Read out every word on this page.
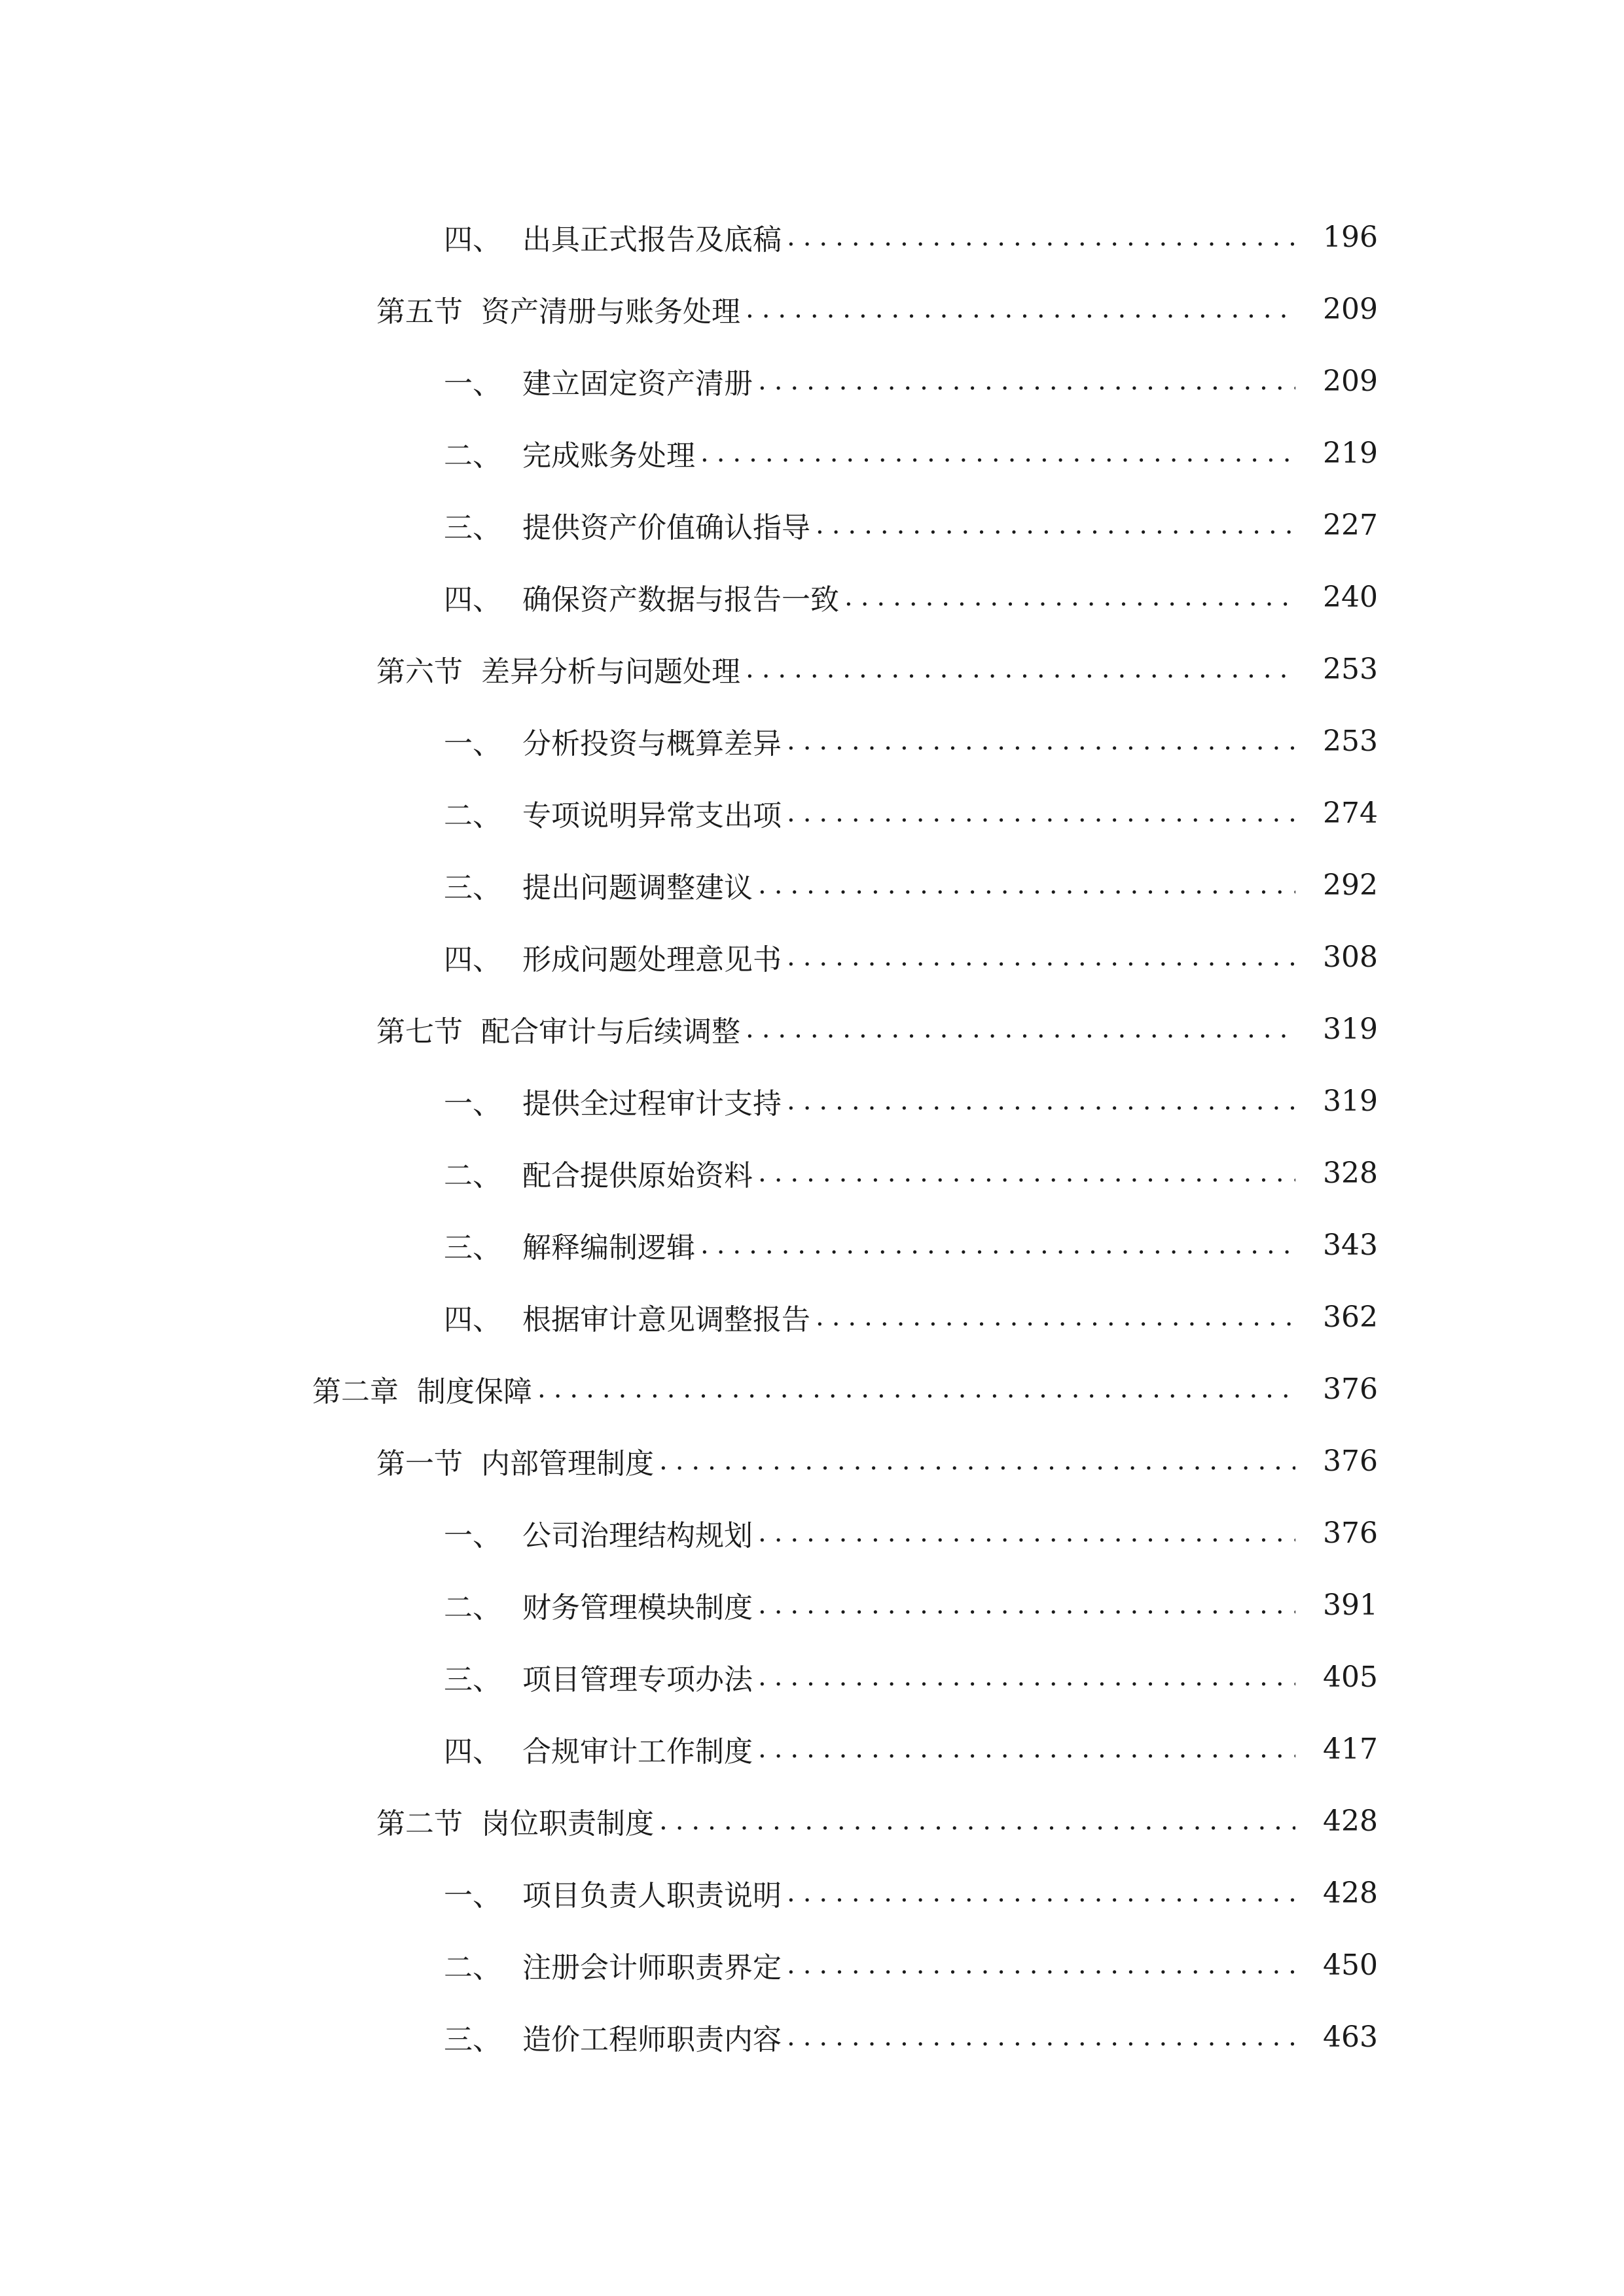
四、 出具正式报告及底稿 .....	196
第五节 资产清册与账务处理 .....	209
一、 建立固定资产清册 .....	209
二、 完成账务处理 .....	219
三、 提供资产价值确认指导 .....	227
四、 确保资产数据与报告一致 .....	240
第六节 差异分析与问题处理 .....	253
一、 分析投资与概算差异 .....	253
二、 专项说明异常支出项 .....	274
三、 提出问题调整建议 .....	292
四、 形成问题处理意见书 .....	308
第七节 配合审计与后续调整 .....	319
一、 提供全过程审计支持 .....	319
二、 配合提供原始资料 .....	328
三、 解释编制逻辑 .....	343
四、 根据审计意见调整报告 .....	362
第二章 制度保障 .....	376
第一节 内部管理制度 .....	376
一、 公司治理结构规划 .....	376
二、 财务管理模块制度 .....	391
三、 项目管理专项办法 .....	405
四、 合规审计工作制度 .....	417
第二节 岗位职责制度 .....	428
一、 项目负责人职责说明 .....	428
二、 注册会计师职责界定 .....	450
三、 造价工程师职责内容 .....	463
